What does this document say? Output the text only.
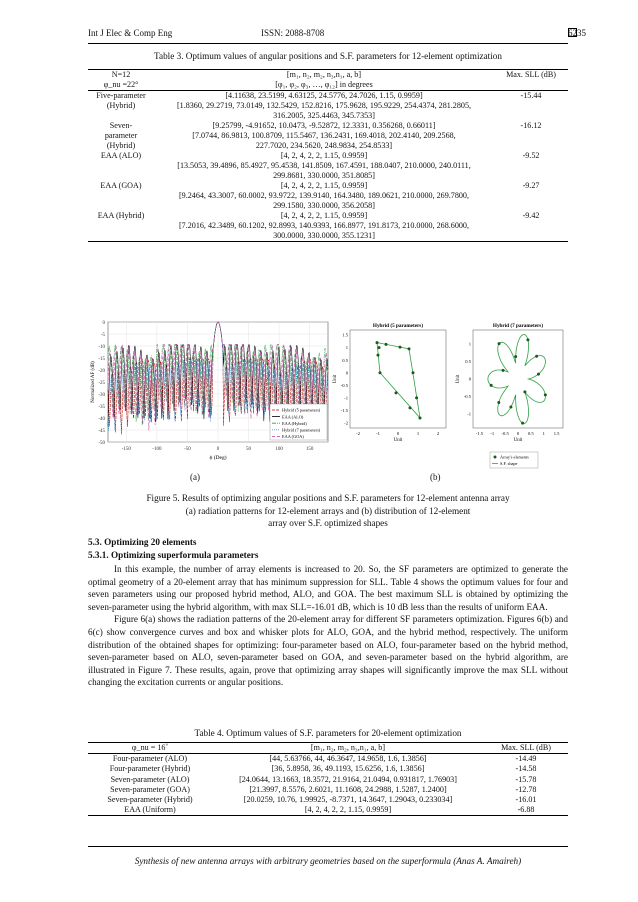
Int J Elec & Comp Eng	ISSN: 2088-8708	6235
Table 3. Optimum values of angular positions and S.F. parameters for 12-element optimization
N=12	[m₁, n₂, m₂, n₃,n₁, a, b]	Max. SLL (dB)
φ_nu =22°	[φ₁, φ₂, φ₃, …, φ₁₂] in degrees	
Five-parameter	[4.11638, 23.5199, 4.63125, 24.5776, 24.7026, 1.15, 0.9959]	-15.44
(Hybrid)	[1.8360, 29.2719, 73.0149, 132.5429, 152.8216, 175.9628, 195.9229, 254.4374, 281.2805,	
	316.2005, 325.4463, 345.7353]	
Seven-	[9.25799, -4.91652, 10.0473, -9.52872, 12.3331, 0.356268, 0.66011]	-16.12
parameter	[7.0744, 86.9813, 100.8709, 115.5467, 136.2431, 169.4018, 202.4140, 209.2568,	
(Hybrid)	227.7020, 234.5620, 248.9834, 254.8533]	
EAA (ALO)	[4, 2, 4, 2, 2, 1.15, 0.9959]	-9.52
	[13.5053, 39.4896, 85.4927, 95.4538, 141.8509, 167.4591, 188.0407, 210.0000, 240.0111,	
	299.8681, 330.0000, 351.8085]	
EAA (GOA)	[4, 2, 4, 2, 2, 1.15, 0.9959]	-9.27
	[9.2464, 43.3007, 60.0002, 93.9722, 139.9140, 164.3480, 189.0621, 210.0000, 269.7800,	
	299.1580, 330.0000, 356.2058]	
EAA (Hybrid)	[4, 2, 4, 2, 2, 1.15, 0.9959]	-9.42
	[7.2016, 42.3489, 60.1202, 92.8993, 140.9393, 166.8977, 191.8173, 210.0000, 268.6000,	
	300.0000, 330.0000, 355.1231]	
0
-5
-10
-15
-20
-25
-30
-35
-40
-45
-50
-150	-100	-50	0	50	100	150
ϕ (Deg)
Normalized AF (dB)
Hybrid (5 parameters)
EAA (ALO)
EAA (Hybrid)
Hybrid (7 parameters)
EAA (GOA)
Hybrid (5 parameters)
-2	-1	0	1	2
1.5
1
0.5
0
-0.5
-1
-1.5
-2
Unit
Unit
Hybrid (7 parameters)
-1.5 -1 -0.5 0 0.5 1 1.5
1
0.5
0
-0.5
-1
Unit
Unit
Array's elements
S.F. shape
(a)	(b)
Figure 5. Results of optimizing angular positions and S.F. parameters for 12-element antenna array
(a) radiation patterns for 12-element arrays and (b) distribution of 12-element
array over S.F. optimized shapes
5.3. Optimizing 20 elements
5.3.1. Optimizing superformula parameters

In this example, the number of array elements is increased to 20. So, the SF parameters are optimized to generate the optimal geometry of a 20-element array that has minimum suppression for SLL. Table 4 shows the optimum values for four and seven parameters using our proposed hybrid method, ALO, and GOA. The best maximum SLL is obtained by optimizing the seven-parameter using the hybrid algorithm, with max SLL=-16.01 dB, which is 10 dB less than the results of uniform EAA.

Figure 6(a) shows the radiation patterns of the 20-element array for different SF parameters optimization. Figures 6(b) and 6(c) show convergence curves and box and whisker plots for ALO, GOA, and the hybrid method, respectively. The uniform distribution of the obtained shapes for optimizing: four-parameter based on ALO, four-parameter based on the hybrid method, seven-parameter based on ALO, seven-parameter based on GOA, and seven-parameter based on the hybrid algorithm, are illustrated in Figure 7. These results, again, prove that optimizing array shapes will significantly improve the max SLL without changing the excitation currents or angular positions.

Table 4. Optimum values of S.F. parameters for 20-element optimization
φ_nu = 16˚	[m₁, n₂, m₂, n₃,n₁, a, b]	Max. SLL (dB)
Four-parameter (ALO)	[44, 5.63766, 44, 46.3647, 14.9658, 1.6, 1.3856]	-14.49
Four-parameter (Hybrid)	[36, 5.8958, 36, 49.1193, 15.6256, 1.6, 1.3856]	-14.58
Seven-parameter (ALO)	[24.0644, 13.1663, 18.3572, 21.9164, 21.0494, 0.931817, 1.76903]	-15.78
Seven-parameter (GOA)	[21.3997, 8.5576, 2.6021, 11.1608, 24.2988, 1.5287, 1.2400]	-12.78
Seven-parameter (Hybrid)	[20.0259, 10.76, 1.99925, -8.7371, 14.3647, 1.29043, 0.233034]	-16.01
EAA (Uniform)	[4, 2, 4, 2, 2, 1.15, 0.9959]	-6.88
Synthesis of new antenna arrays with arbitrary geometries based on the superformula (Anas A. Amaireh)
